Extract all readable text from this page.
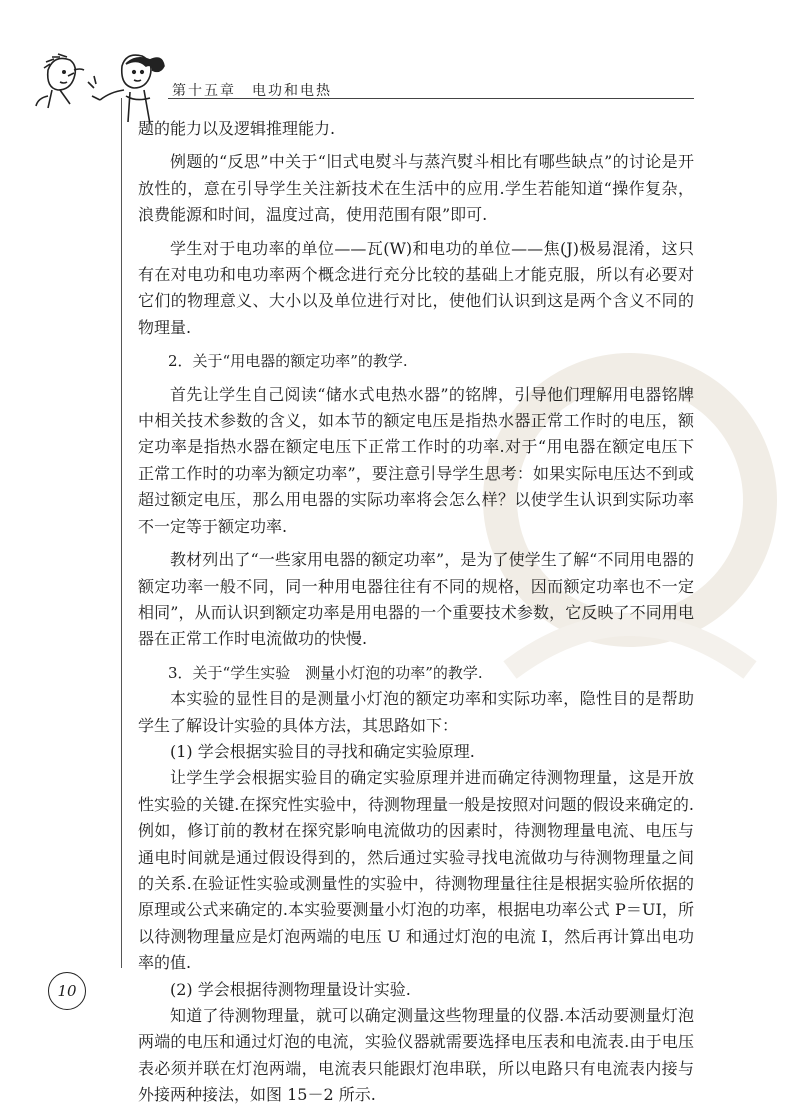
第十五章　电功和电热

题的能力以及逻辑推理能力.

例题的“反思”中关于“旧式电熨斗与蒸汽熨斗相比有哪些缺点”的讨论是开放性的，意在引导学生关注新技术在生活中的应用.学生若能知道“操作复杂，浪费能源和时间，温度过高，使用范围有限”即可.

学生对于电功率的单位——瓦(W)和电功的单位——焦(J)极易混淆，这只有在对电功和电功率两个概念进行充分比较的基础上才能克服，所以有必要对它们的物理意义、大小以及单位进行对比，使他们认识到这是两个含义不同的物理量.

2．关于“用电器的额定功率”的教学.

首先让学生自己阅读“储水式电热水器”的铭牌，引导他们理解用电器铭牌中相关技术参数的含义，如本节的额定电压是指热水器正常工作时的电压，额定功率是指热水器在额定电压下正常工作时的功率.对于“用电器在额定电压下正常工作时的功率为额定功率”，要注意引导学生思考：如果实际电压达不到或超过额定电压，那么用电器的实际功率将会怎么样？以使学生认识到实际功率不一定等于额定功率.

教材列出了“一些家用电器的额定功率”，是为了使学生了解“不同用电器的额定功率一般不同，同一种用电器往往有不同的规格，因而额定功率也不一定相同”，从而认识到额定功率是用电器的一个重要技术参数，它反映了不同用电器在正常工作时电流做功的快慢.

3．关于“学生实验　测量小灯泡的功率”的教学.

本实验的显性目的是测量小灯泡的额定功率和实际功率，隐性目的是帮助学生了解设计实验的具体方法，其思路如下：

(1) 学会根据实验目的寻找和确定实验原理.

让学生学会根据实验目的确定实验原理并进而确定待测物理量，这是开放性实验的关键.在探究性实验中，待测物理量一般是按照对问题的假设来确定的.例如，修订前的教材在探究影响电流做功的因素时，待测物理量电流、电压与通电时间就是通过假设得到的，然后通过实验寻找电流做功与待测物理量之间的关系.在验证性实验或测量性的实验中，待测物理量往往是根据实验所依据的原理或公式来确定的.本实验要测量小灯泡的功率，根据电功率公式 P＝UI，所以待测物理量应是灯泡两端的电压 U 和通过灯泡的电流 I，然后再计算出电功率的值.

(2) 学会根据待测物理量设计实验.

知道了待测物理量，就可以确定测量这些物理量的仪器.本活动要测量灯泡两端的电压和通过灯泡的电流，实验仪器就需要选择电压表和电流表.由于电压表必须并联在灯泡两端，电流表只能跟灯泡串联，所以电路只有电流表内接与外接两种接法，如图 15－2 所示.

10
